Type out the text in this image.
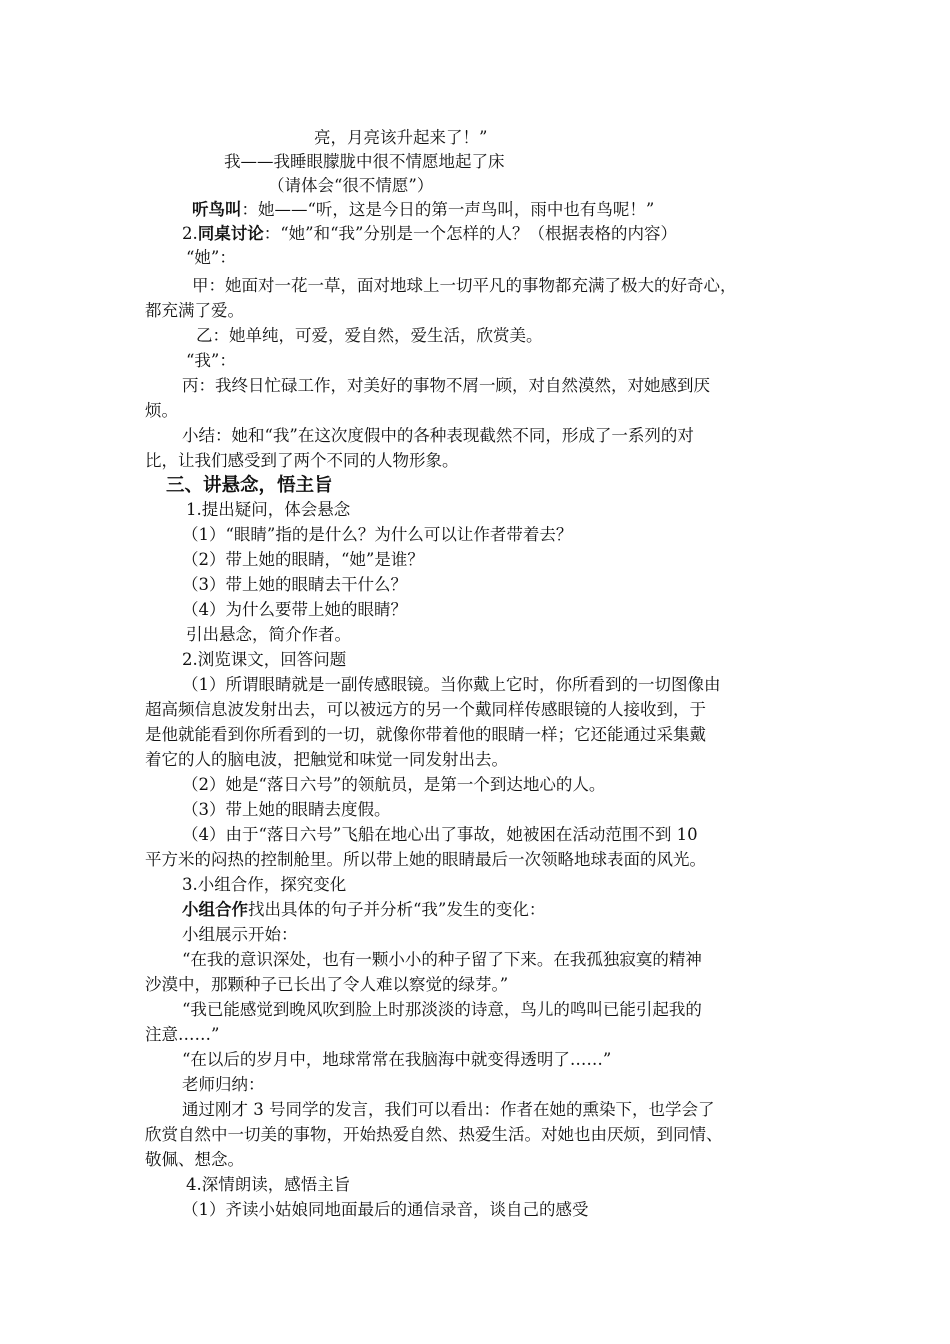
亮，月亮该升起来了！”
我——我睡眼朦胧中很不情愿地起了床
（请体会“很不情愿”）
听鸟叫：她——“听，这是今日的第一声鸟叫，雨中也有鸟呢！”
2.同桌讨论：“她”和“我”分别是一个怎样的人？（根据表格的内容）
“她”：
甲：她面对一花一草，面对地球上一切平凡的事物都充满了极大的好奇心，
都充满了爱。
乙：她单纯，可爱，爱自然，爱生活，欣赏美。
“我”：
丙：我终日忙碌工作，对美好的事物不屑一顾，对自然漠然，对她感到厌
烦。
小结：她和“我”在这次度假中的各种表现截然不同，形成了一系列的对
比，让我们感受到了两个不同的人物形象。
三、讲悬念，悟主旨
1.提出疑问，体会悬念
（1）“眼睛”指的是什么？为什么可以让作者带着去？
（2）带上她的眼睛，“她”是谁？
（3）带上她的眼睛去干什么？
（4）为什么要带上她的眼睛？
引出悬念，简介作者。
2.浏览课文，回答问题
（1）所谓眼睛就是一副传感眼镜。当你戴上它时，你所看到的一切图像由
超高频信息波发射出去，可以被远方的另一个戴同样传感眼镜的人接收到，于
是他就能看到你所看到的一切，就像你带着他的眼睛一样；它还能通过采集戴
着它的人的脑电波，把触觉和味觉一同发射出去。
（2）她是“落日六号”的领航员，是第一个到达地心的人。
（3）带上她的眼睛去度假。
（4）由于“落日六号”飞船在地心出了事故，她被困在活动范围不到 10
平方米的闷热的控制舱里。所以带上她的眼睛最后一次领略地球表面的风光。
3.小组合作，探究变化
小组合作找出具体的句子并分析“我”发生的变化：
小组展示开始：
“在我的意识深处，也有一颗小小的种子留了下来。在我孤独寂寞的精神
沙漠中，那颗种子已长出了令人难以察觉的绿芽。”
“我已能感觉到晚风吹到脸上时那淡淡的诗意，鸟儿的鸣叫已能引起我的
注意……”
“在以后的岁月中，地球常常在我脑海中就变得透明了……”
老师归纳：
通过刚才 3 号同学的发言，我们可以看出：作者在她的熏染下，也学会了
欣赏自然中一切美的事物，开始热爱自然、热爱生活。对她也由厌烦，到同情、
敬佩、想念。
4.深情朗读，感悟主旨
（1）齐读小姑娘同地面最后的通信录音，谈自己的感受
